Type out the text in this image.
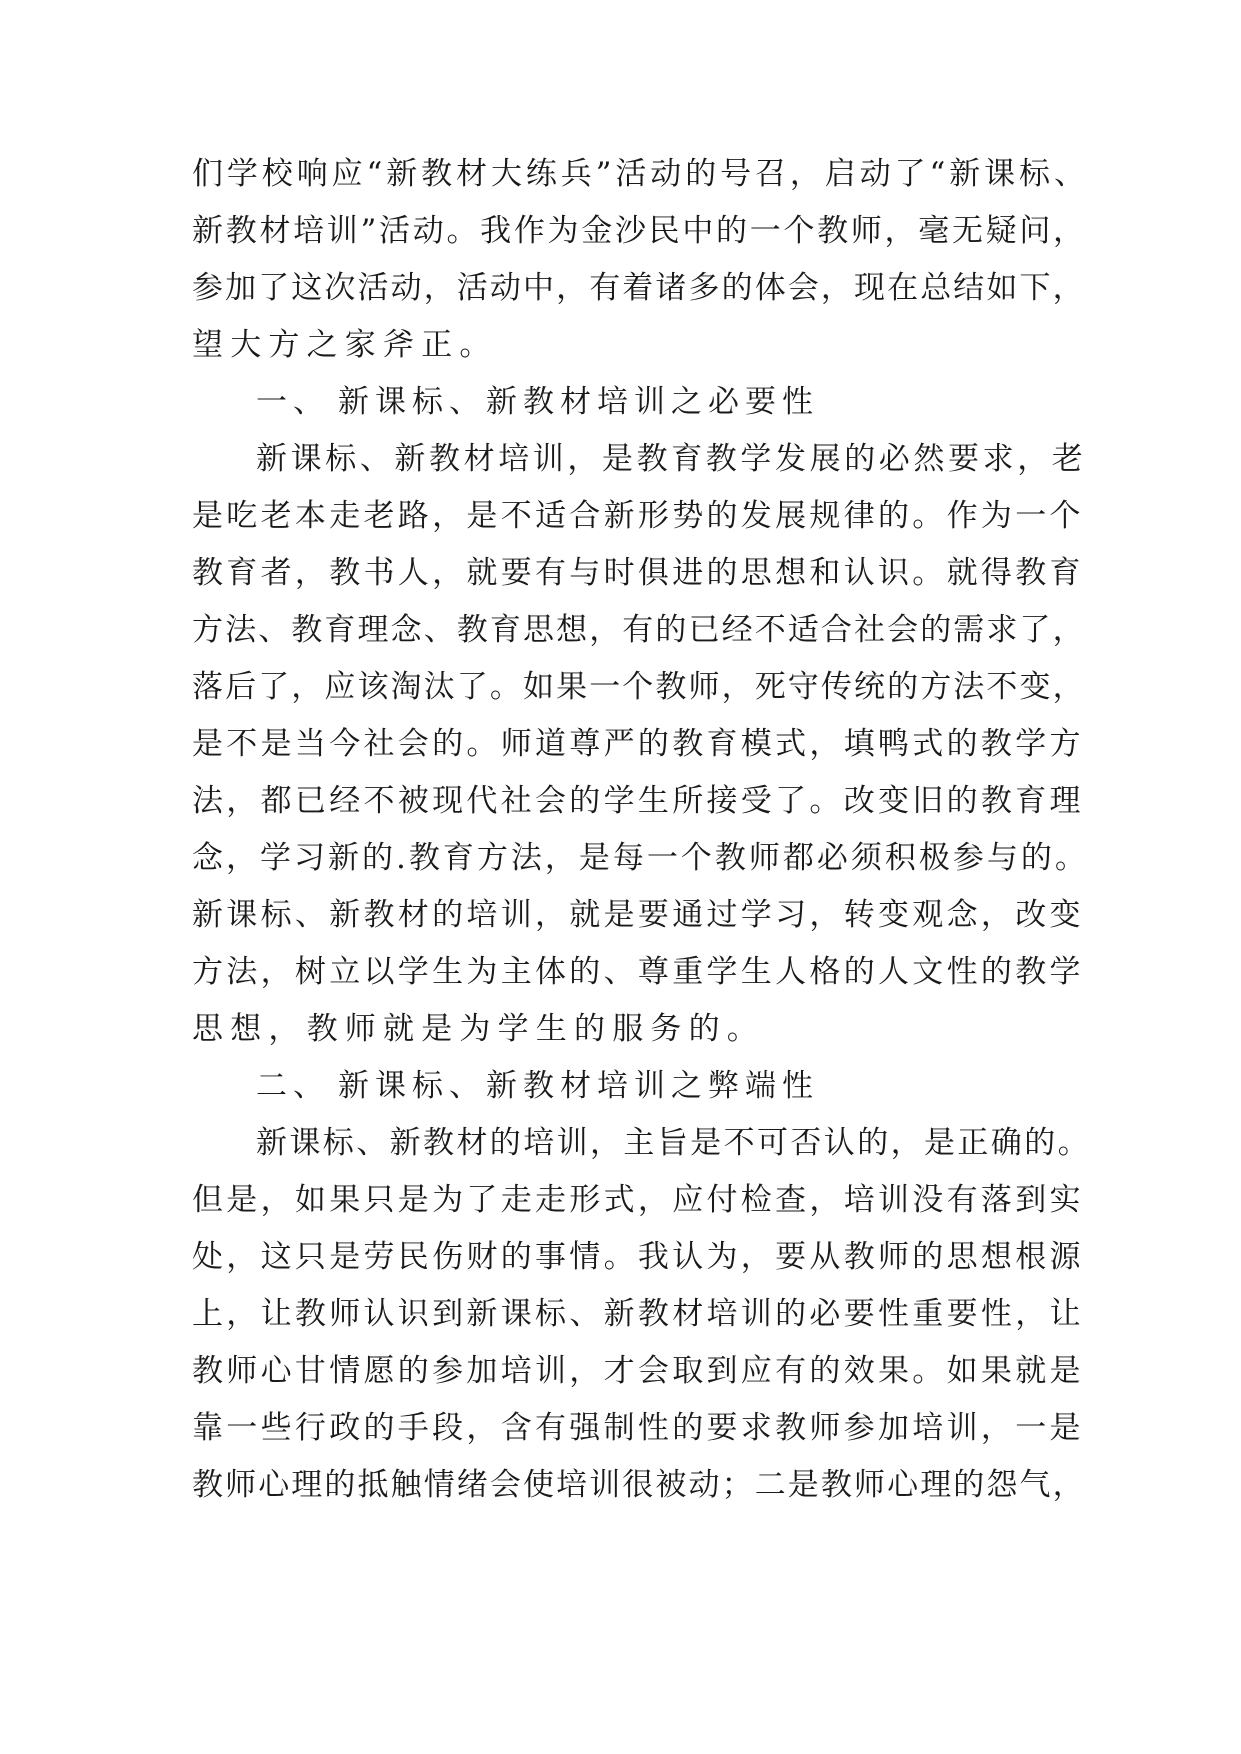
们学校响应“新教材大练兵”活动的号召，启动了“新课标、
新教材培训”活动。我作为金沙民中的一个教师，毫无疑问，
参加了这次活动，活动中，有着诸多的体会，现在总结如下，
望大方之家斧正。
一、 新课标、新教材培训之必要性
新课标、新教材培训，是教育教学发展的必然要求，老
是吃老本走老路，是不适合新形势的发展规律的。作为一个
教育者，教书人，就要有与时俱进的思想和认识。就得教育
方法、教育理念、教育思想，有的已经不适合社会的需求了，
落后了，应该淘汰了。如果一个教师，死守传统的方法不变，
是不是当今社会的。师道尊严的教育模式，填鸭式的教学方
法，都已经不被现代社会的学生所接受了。改变旧的教育理
念，学习新的.教育方法，是每一个教师都必须积极参与的。
新课标、新教材的培训，就是要通过学习，转变观念，改变
方法，树立以学生为主体的、尊重学生人格的人文性的教学
思想，教师就是为学生的服务的。
二、 新课标、新教材培训之弊端性
新课标、新教材的培训，主旨是不可否认的，是正确的。
但是，如果只是为了走走形式，应付检查，培训没有落到实
处，这只是劳民伤财的事情。我认为，要从教师的思想根源
上，让教师认识到新课标、新教材培训的必要性重要性，让
教师心甘情愿的参加培训，才会取到应有的效果。如果就是
靠一些行政的手段，含有强制性的要求教师参加培训，一是
教师心理的抵触情绪会使培训很被动；二是教师心理的怨气，
